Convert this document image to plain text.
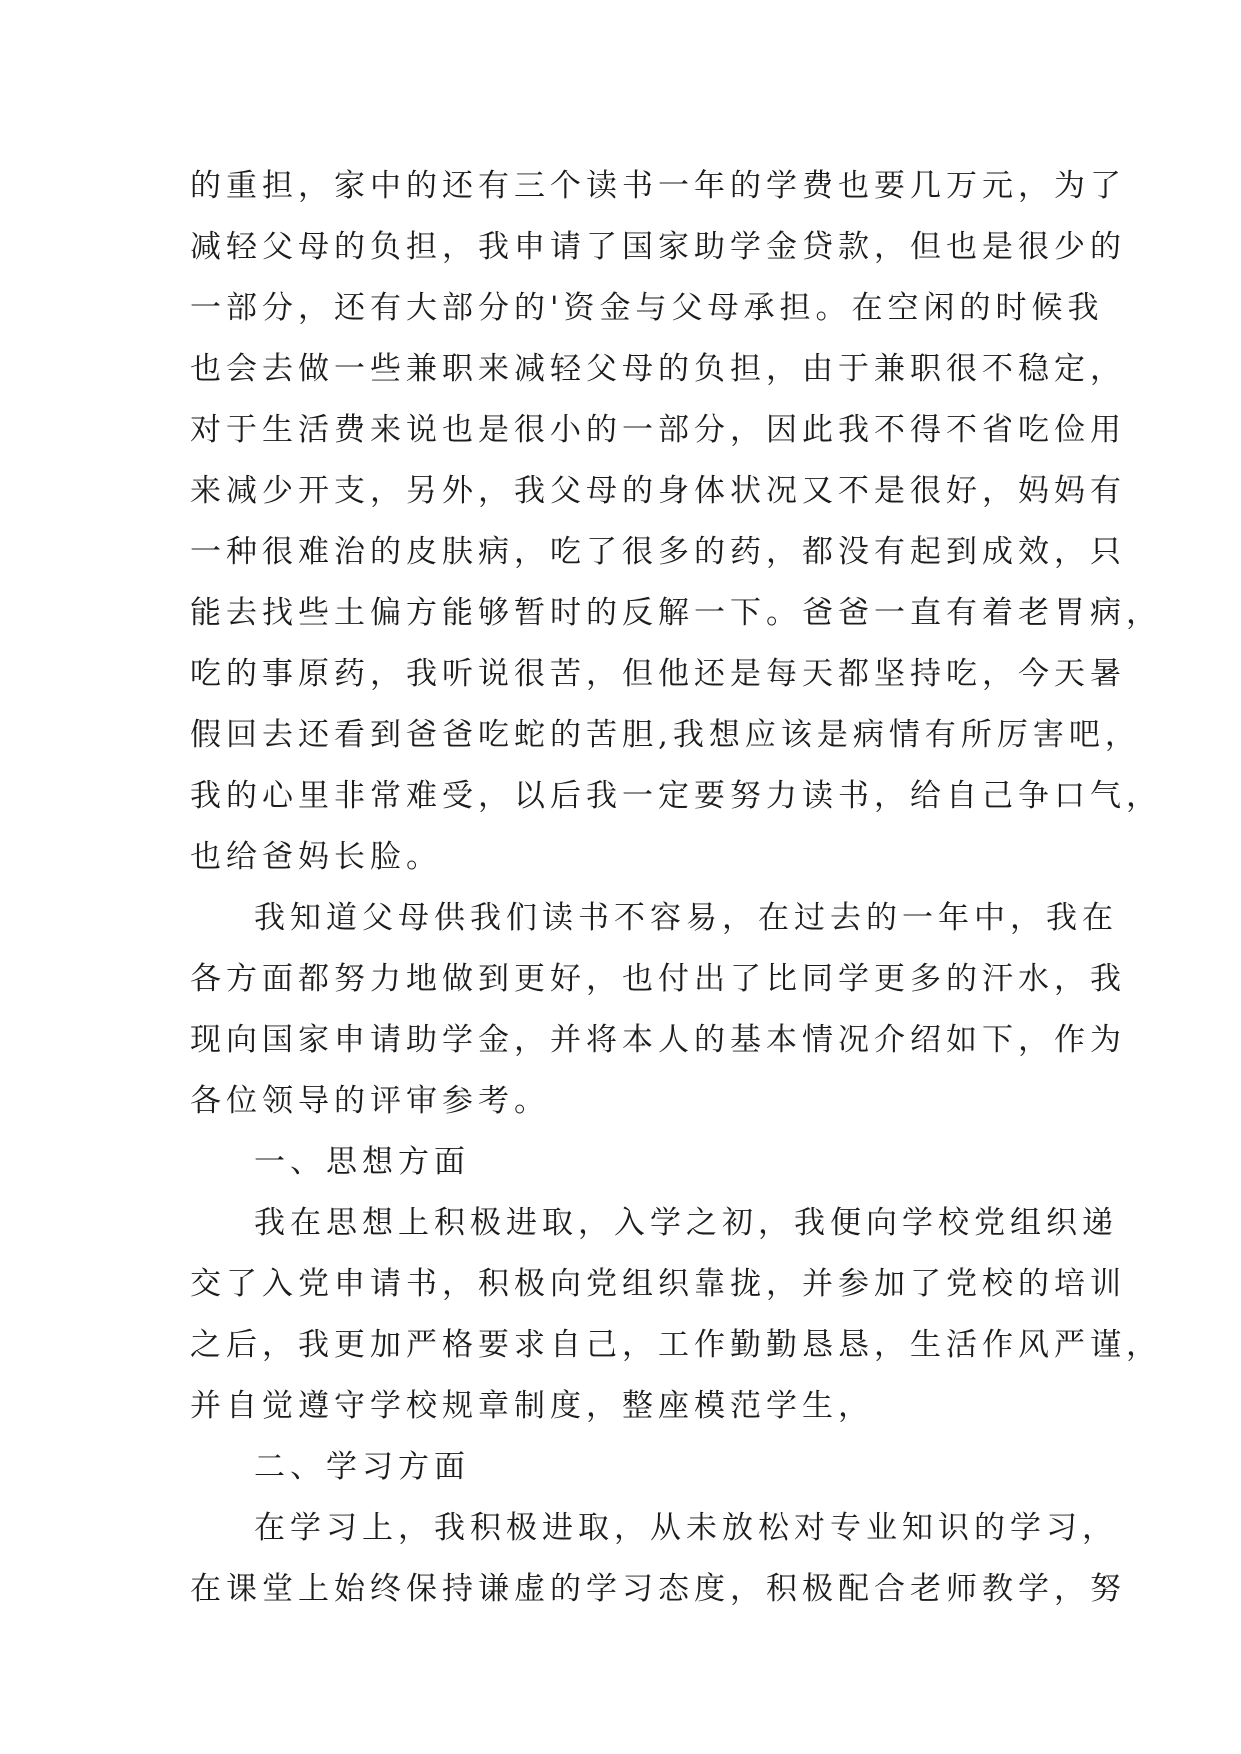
的重担，家中的还有三个读书一年的学费也要几万元，为了
减轻父母的负担，我申请了国家助学金贷款，但也是很少的
一部分，还有大部分的'资金与父母承担。在空闲的时候我
也会去做一些兼职来减轻父母的负担，由于兼职很不稳定，
对于生活费来说也是很小的一部分，因此我不得不省吃俭用
来减少开支，另外，我父母的身体状况又不是很好，妈妈有
一种很难治的皮肤病，吃了很多的药，都没有起到成效，只
能去找些土偏方能够暂时的反解一下。爸爸一直有着老胃病，
吃的事原药，我听说很苦，但他还是每天都坚持吃，今天暑
假回去还看到爸爸吃蛇的苦胆,我想应该是病情有所厉害吧，
我的心里非常难受，以后我一定要努力读书，给自己争口气，
也给爸妈长脸。
我知道父母供我们读书不容易，在过去的一年中，我在
各方面都努力地做到更好，也付出了比同学更多的汗水，我
现向国家申请助学金，并将本人的基本情况介绍如下，作为
各位领导的评审参考。
一、思想方面
我在思想上积极进取，入学之初，我便向学校党组织递
交了入党申请书，积极向党组织靠拢，并参加了党校的培训
之后，我更加严格要求自己，工作勤勤恳恳，生活作风严谨，
并自觉遵守学校规章制度，整座模范学生，
二、学习方面
在学习上，我积极进取，从未放松对专业知识的学习，
在课堂上始终保持谦虚的学习态度，积极配合老师教学，努
